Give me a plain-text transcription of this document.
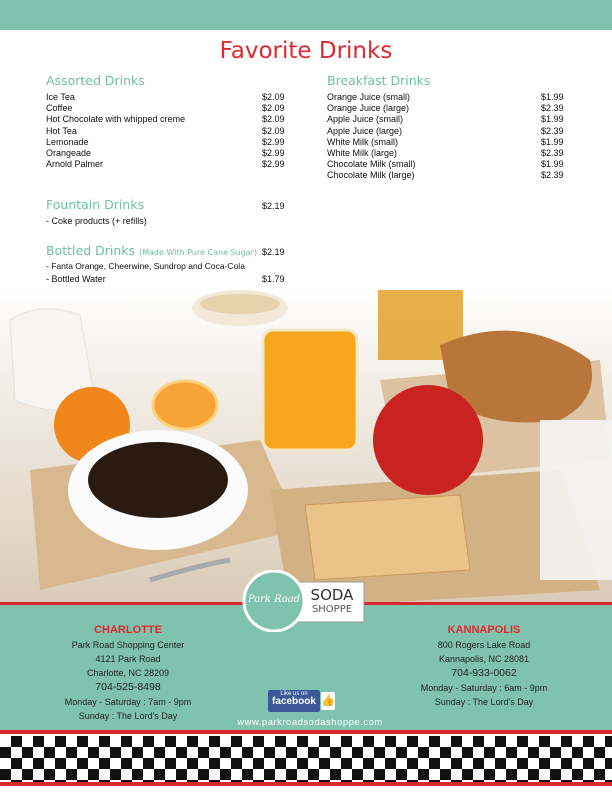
Favorite Drinks
Assorted Drinks
Ice Tea	$2.09
Coffee	$2.09
Hot Chocolate with whipped creme	$2.09
Hot Tea	$2.09
Lemonade	$2.99
Orangeade	$2.99
Arnold Palmer	$2.99
Breakfast Drinks
Orange Juice (small)	$1.99
Orange Juice (large)	$2.39
Apple Juice (small)	$1.99
Apple Juice (large)	$2.39
White Milk (small)	$1.99
White Milk (large)	$2.39
Chocolate Milk (small)	$1.99
Chocolate Milk (large)	$2.39
Fountain Drinks	$2.19
- Coke products (+ refills)
Bottled Drinks (Made With Pure Cane Sugar) $2.19
- Fanta Orange, Cheerwine, Sundrop and Coca-Cola
- Bottled Water	$1.79
Park Road SODA
SHOPPE
CHARLOTTE
Park Road Shopping Center
4121 Park Road
Charlotte, NC 28209
704-525-8498
Monday - Saturday : 7am - 9pm
Sunday : The Lord's Day
KANNAPOLIS
800 Rogers Lake Road
Kannapolis, NC 28081
704-933-0062
Monday - Saturday : 6am - 9pm
Sunday : The Lord's Day
Like us on
facebook 👍
www.parkroadsodashoppe.com
